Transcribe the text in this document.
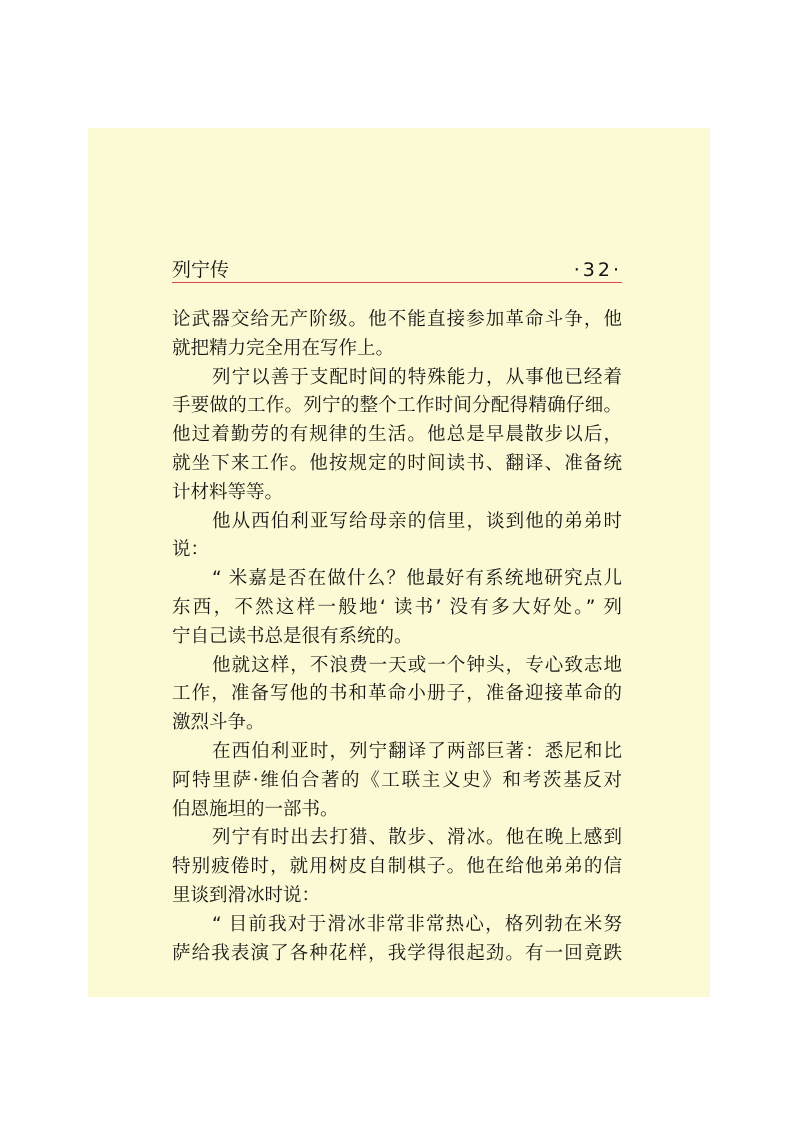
列宁传	·32·
论武器交给无产阶级。他不能直接参加革命斗争，他
就把精力完全用在写作上。
列宁以善于支配时间的特殊能力，从事他已经着
手要做的工作。列宁的整个工作时间分配得精确仔细。
他过着勤劳的有规律的生活。他总是早晨散步以后，
就坐下来工作。他按规定的时间读书、翻译、准备统
计材料等等。
他从西伯利亚写给母亲的信里，谈到他的弟弟时
说：
“ 米嘉是否在做什么？他最好有系统地研究点儿
东西，不然这样一般地‘ 读书’ 没有多大好处。” 列
宁自己读书总是很有系统的。
他就这样，不浪费一天或一个钟头，专心致志地
工作，准备写他的书和革命小册子，准备迎接革命的
激烈斗争。
在西伯利亚时，列宁翻译了两部巨著：悉尼和比
阿特里萨·维伯合著的《工联主义史》和考茨基反对
伯恩施坦的一部书。
列宁有时出去打猎、散步、滑冰。他在晚上感到
特别疲倦时，就用树皮自制棋子。他在给他弟弟的信
里谈到滑冰时说：
“ 目前我对于滑冰非常非常热心，格列勃在米努
萨给我表演了各种花样，我学得很起劲。有一回竟跌
